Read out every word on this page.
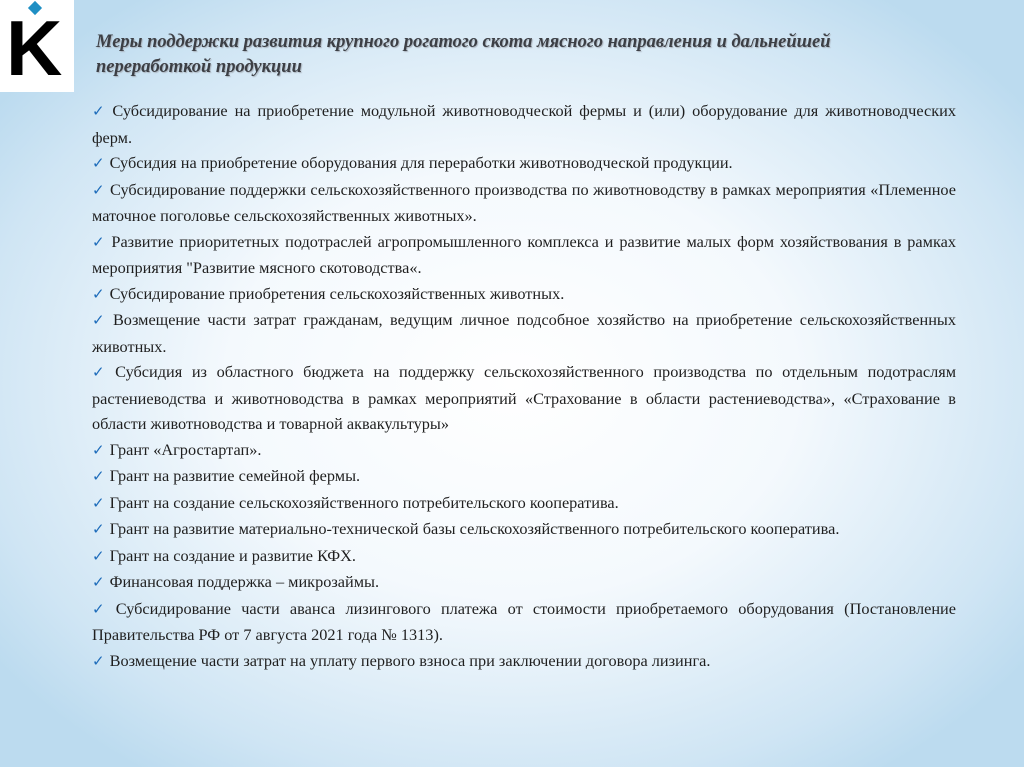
K Меры поддержки развития крупного рогатого скота мясного направления и дальнейшей переработкой продукции

✓ Субсидирование на приобретение модульной животноводческой фермы и (или) оборудование для животноводческих ферм.

✓ Субсидия на приобретение оборудования для переработки животноводческой продукции.

✓ Субсидирование поддержки сельскохозяйственного производства по животноводству в рамках мероприятия «Племенное маточное поголовье сельскохозяйственных животных».

✓ Развитие приоритетных подотраслей агропромышленного комплекса и развитие малых форм хозяйствования в рамках мероприятия "Развитие мясного скотоводства«.

✓ Субсидирование приобретения сельскохозяйственных животных.

✓ Возмещение части затрат гражданам, ведущим личное подсобное хозяйство на приобретение сельскохозяйственных животных.

✓ Субсидия из областного бюджета на поддержку сельскохозяйственного производства по отдельным подотраслям растениеводства и животноводства в рамках мероприятий «Страхование в области растениеводства», «Страхование в области животноводства и товарной аквакультуры»

✓ Грант «Агростартап».

✓ Грант на развитие семейной фермы.

✓ Грант на создание сельскохозяйственного потребительского кооператива.

✓ Грант на развитие материально-технической базы сельскохозяйственного потребительского кооператива.

✓ Грант на создание и развитие КФХ.

✓ Финансовая поддержка – микрозаймы.

✓ Субсидирование части аванса лизингового платежа от стоимости приобретаемого оборудования (Постановление Правительства РФ от 7 августа 2021 года № 1313).

✓ Возмещение части затрат на уплату первого взноса при заключении договора лизинга.
